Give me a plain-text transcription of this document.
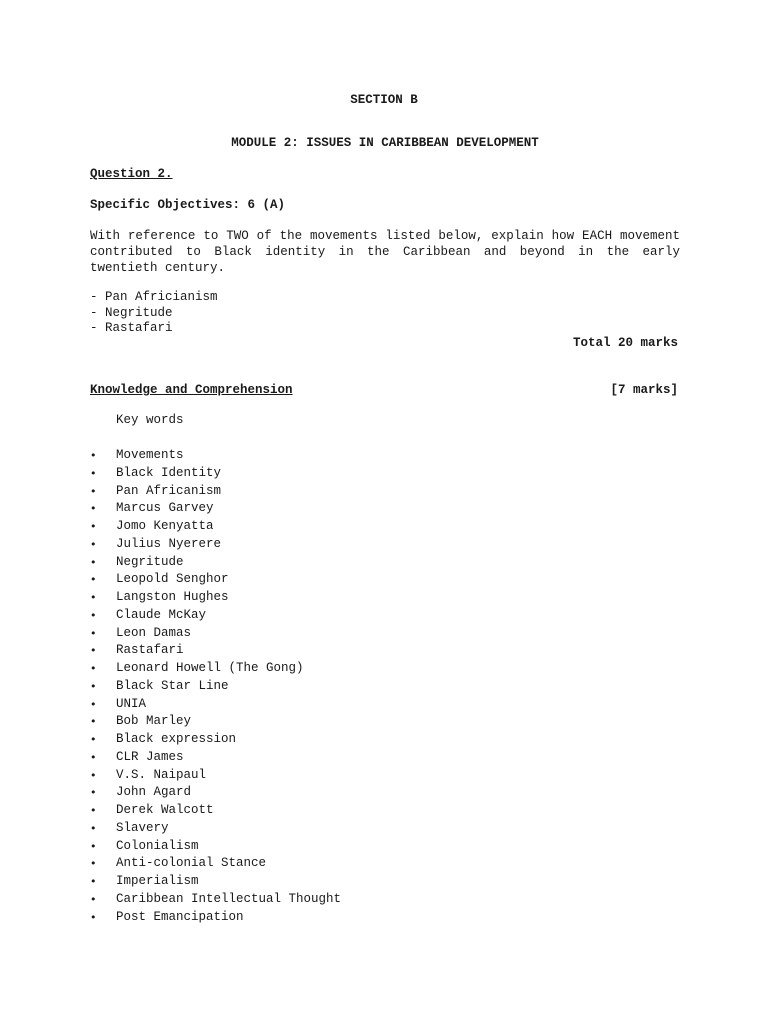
SECTION B
MODULE 2: ISSUES IN CARIBBEAN DEVELOPMENT
Question 2.
Specific Objectives: 6 (A)
With reference to TWO of the movements listed below, explain how EACH movement contributed to Black identity in the Caribbean and beyond in the early twentieth century.
- Pan Africianism
- Negritude
- Rastafari
Total 20 marks
Knowledge and Comprehension	[7 marks]
Key words
• Movements
• Black Identity
• Pan Africanism
• Marcus Garvey
• Jomo Kenyatta
• Julius Nyerere
• Negritude
• Leopold Senghor
• Langston Hughes
• Claude McKay
• Leon Damas
• Rastafari
• Leonard Howell (The Gong)
• Black Star Line
• UNIA
• Bob Marley
• Black expression
• CLR James
• V.S. Naipaul
• John Agard
• Derek Walcott
• Slavery
• Colonialism
• Anti-colonial Stance
• Imperialism
• Caribbean Intellectual Thought
• Post Emancipation
